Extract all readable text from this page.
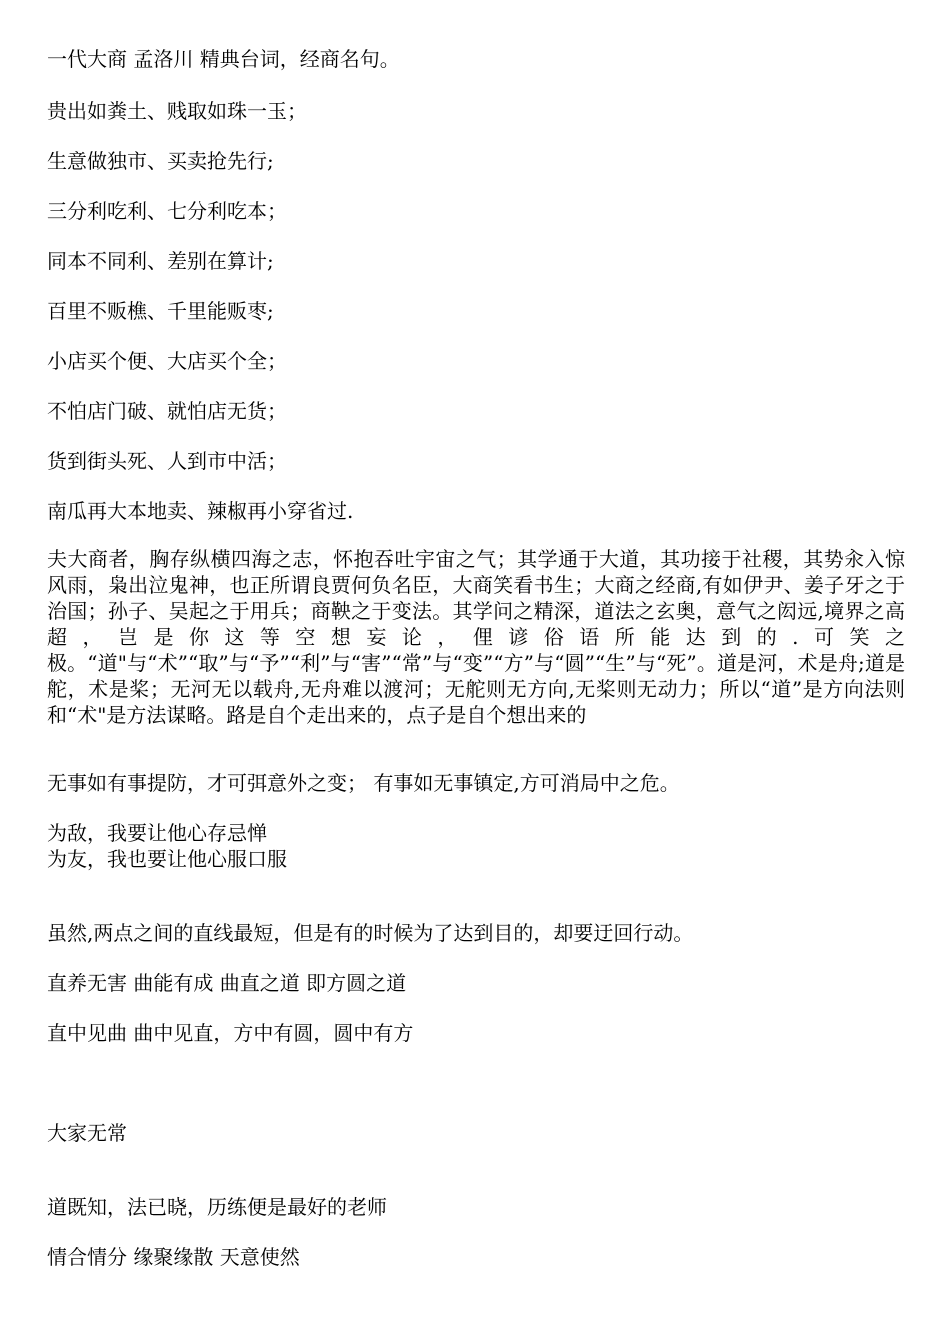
一代大商 孟洛川 精典台词，经商名句。

贵出如粪土、贱取如珠一玉；

生意做独市、买卖抢先行;

三分利吃利、七分利吃本；

同本不同利、差别在算计;

百里不贩樵、千里能贩枣;

小店买个便、大店买个全；

不怕店门破、就怕店无货；

货到街头死、人到市中活；

南瓜再大本地卖、辣椒再小穿省过.

夫大商者，胸存纵横四海之志，怀抱吞吐宇宙之气；其学通于大道，其功接于社稷，其势汆入惊风雨，枭出泣鬼神，也正所谓良贾何负名臣，大商笑看书生；大商之经商,有如伊尹、姜子牙之于治国；孙子、吴起之于用兵；商鞅之于变法。其学问之精深，道法之玄奥，意气之闳远,境界之高超，岂是你这等空想妄论，俚谚俗语所能达到的.可笑之极。“道"与“术”“取”与“予”“利”与“害”“常”与“变”“方”与“圆”“生”与“死”。道是河，术是舟;道是舵，术是桨；无河无以载舟,无舟难以渡河；无舵则无方向,无桨则无动力；所以“道”是方向法则和“术"是方法谋略。路是自个走出来的，点子是自个想出来的

无事如有事提防，才可弭意外之变； 有事如无事镇定,方可消局中之危。

为敌，我要让他心存忌惮

为友，我也要让他心服口服

虽然,两点之间的直线最短，但是有的时候为了达到目的，却要迂回行动。

直养无害 曲能有成 曲直之道 即方圆之道

直中见曲 曲中见直，方中有圆，圆中有方

大家无常

道既知，法已晓，历练便是最好的老师

情合情分 缘聚缘散 天意使然
